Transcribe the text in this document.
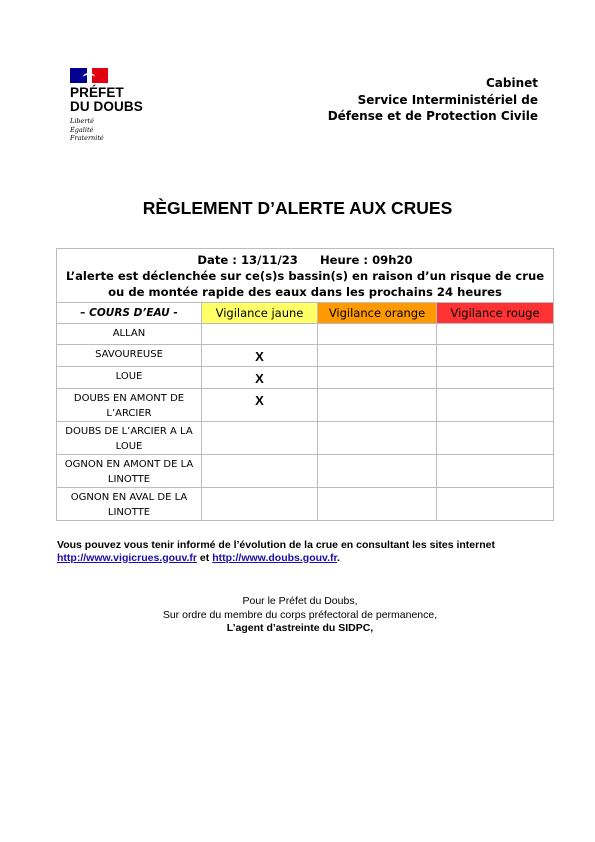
PRÉFET
DU DOUBS
Liberté
Égalité
Fraternité
Cabinet
Service Interministériel de
Défense et de Protection Civile
RÈGLEMENT D’ALERTE AUX CRUES
Date : 13/11/23 Heure : 09h20
L’alerte est déclenchée sur ce(s)s bassin(s) en raison d’un risque de crue
ou de montée rapide des eaux dans les prochains 24 heures			

– COURS D’EAU -	Vigilance jaune	Vigilance orange	Vigilance rouge
ALLAN			
SAVOUREUSE	X		
LOUE	X		
DOUBS EN AMONT DE L’ARCIER	X		
DOUBS DE L’ARCIER A LA LOUE			
OGNON EN AMONT DE LA LINOTTE			
OGNON EN AVAL DE LA LINOTTE			
Vous pouvez vous tenir informé de l’évolution de la crue en consultant les sites internet
http://www.vigicrues.gouv.fr et http://www.doubs.gouv.fr.
Pour le Préfet du Doubs,
Sur ordre du membre du corps préfectoral de permanence,
L’agent d’astreinte du SIDPC,
